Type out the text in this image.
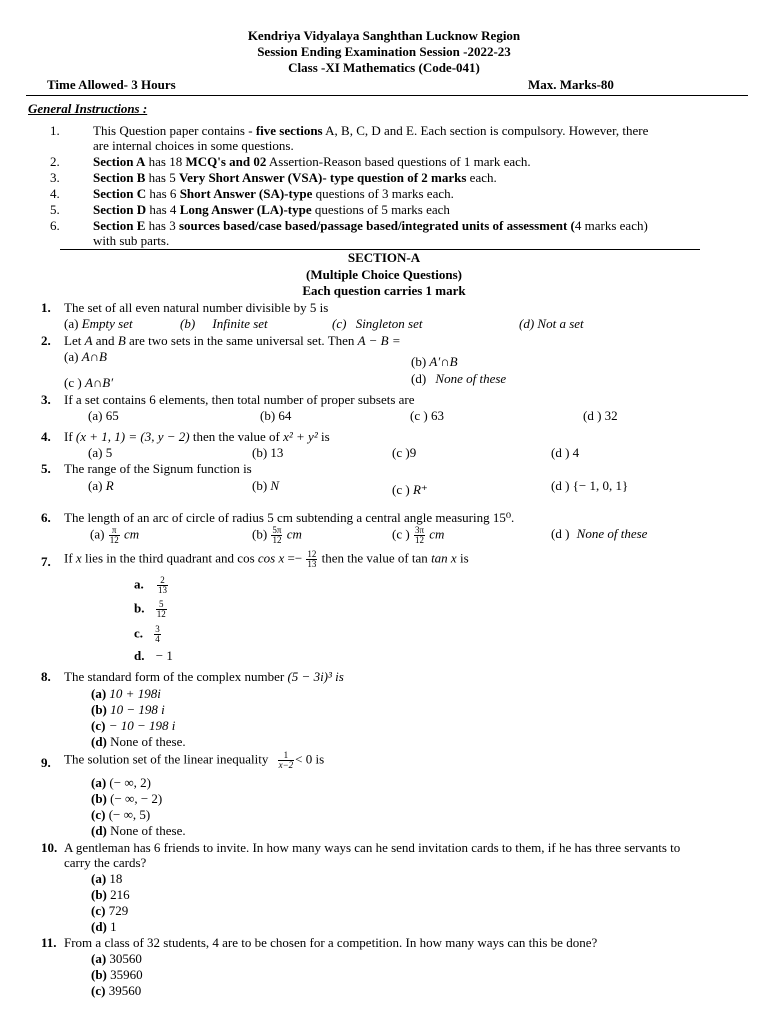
Kendriya Vidyalaya Sanghthan Lucknow Region
Session Ending Examination Session -2022-23
Class -XI Mathematics (Code-041)
Time Allowed- 3 Hours	Max. Marks-80
General Instructions :
1.	This Question paper contains - five sections A, B, C, D and E. Each section is compulsory. However, there
are internal choices in some questions.
2.	Section A has 18 MCQ's and 02 Assertion-Reason based questions of 1 mark each.
3.	Section B has 5 Very Short Answer (VSA)- type question of 2 marks each.
4.	Section C has 6 Short Answer (SA)-type questions of 3 marks each.
5.	Section D has 4 Long Answer (LA)-type questions of 5 marks each
6.	Section E has 3 sources based/case based/passage based/integrated units of assessment (4 marks each)
with sub parts.
SECTION-A
(Multiple Choice Questions)
Each question carries 1 mark
1. The set of all even natural number divisible by 5 is
(a) Empty set	(b) Infinite set	(c) Singleton set	(d) Not a set
2. Let A and B are two sets in the same universal set. Then A − B =
(a) A∩B	(b) A′∩B
(c ) A∩B′	(d) None of these
3. If a set contains 6 elements, then total number of proper subsets are
(a) 65	(b) 64	(c ) 63	(d ) 32
4. If (x + 1, 1) = (3, y − 2) then the value of x² + y² is
(a) 5	(b) 13	(c )9	(d ) 4
5. The range of the Signum function is
(a) R	(b) N	(c ) R⁺	(d ) {− 1, 0, 1}
6. The length of an arc of circle of radius 5 cm subtending a central angle measuring 15⁰.
$(a) \frac{\pi}{12}$ cm	$(b) \frac{5\pi}{12}$ cm	(c ) $\frac{3\pi}{12}$ cm	(d ) None of these
7. If x lies in the third quadrant and $\cos \cos x =- \frac{12}{13}$ then the value of tan tan x is
a. $\frac{2}{13}$
b. $\frac{5}{12}$
c. $\frac{3}{4}$
d. − 1
8. The standard form of the complex number (5 − 3i)³ is
(a) 10 + 198i
(b) 10 − 198 i
(c) − 10 − 198 i
(d) None of these.
9. The solution set of the linear inequality $\frac{1}{x-2} < 0$ is
(a) (− ∞, 2)
(b) (− ∞, − 2)
(c) (− ∞, 5)
(d) None of these.
10. A gentleman has 6 friends to invite. In how many ways can he send invitation cards to them, if he has three servants to
carry the cards?
(a) 18
(b) 216
(c) 729
(d) 1
11. From a class of 32 students, 4 are to be chosen for a competition. In how many ways can this be done?
(a) 30560
(b) 35960
(c) 39560
